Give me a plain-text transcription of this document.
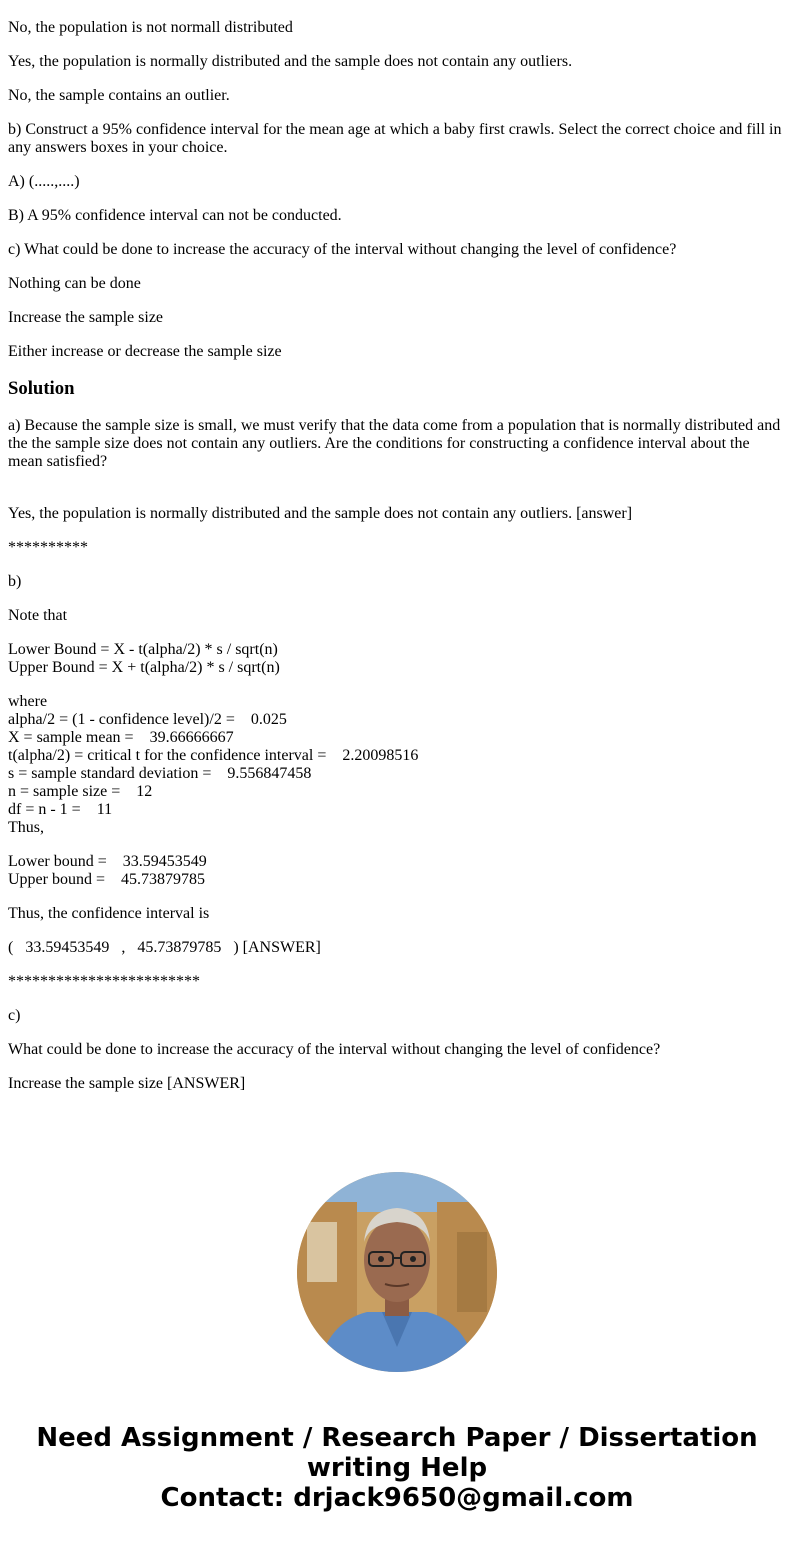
No, the population is not normall distributed

Yes, the population is normally distributed and the sample does not contain any outliers.

No, the sample contains an outlier.

b) Construct a 95% confidence interval for the mean age at which a baby first crawls. Select the correct choice and fill in any answers boxes in your choice.

A) (.....,....)

B) A 95% confidence interval can not be conducted.

c) What could be done to increase the accuracy of the interval without changing the level of confidence?

Nothing can be done

Increase the sample size

Either increase or decrease the sample size

Solution

a) Because the sample size is small, we must verify that the data come from a population that is normally distributed and the the sample size does not contain any outliers. Are the conditions for constructing a confidence interval about the mean satisfied?

Yes, the population is normally distributed and the sample does not contain any outliers. [answer]

**********

b)

Note that

Lower Bound = X - t(alpha/2) * s / sqrt(n)
Upper Bound = X + t(alpha/2) * s / sqrt(n)
where
alpha/2 = (1 - confidence level)/2 =    0.025
X = sample mean =    39.66666667
t(alpha/2) = critical t for the confidence interval =    2.20098516
s = sample standard deviation =    9.556847458
n = sample size =    12
df = n - 1 =    11
Thus,
Lower bound =    33.59453549
Upper bound =    45.73879785

Thus, the confidence interval is

(   33.59453549   ,   45.73879785   ) [ANSWER]

************************

c)

What could be done to increase the accuracy of the interval without changing the level of confidence?

Increase the sample size [ANSWER]

Need Assignment / Research Paper / Dissertation
writing Help
Contact: drjack9650@gmail.com
